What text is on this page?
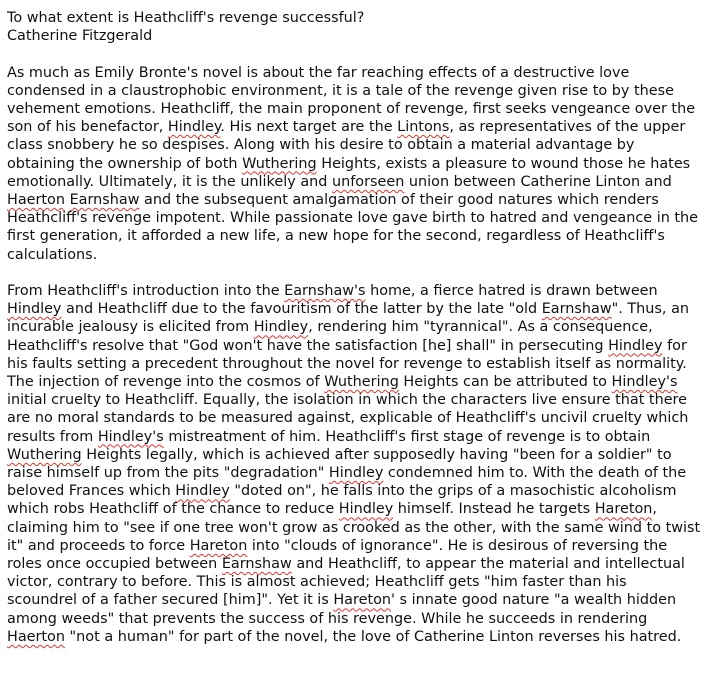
To what extent is Heathcliff's revenge successful?
Catherine Fitzgerald

As much as Emily Bronte's novel is about the far reaching effects of a destructive love condensed in a claustrophobic environment, it is a tale of the revenge given rise to by these vehement emotions. Heathcliff, the main proponent of revenge, first seeks vengeance over the son of his benefactor, Hindley. His next target are the Lintons, as representatives of the upper class snobbery he so despises. Along with his desire to obtain a material advantage by obtaining the ownership of both Wuthering Heights, exists a pleasure to wound those he hates emotionally. Ultimately, it is the unlikely and unforseen union between Catherine Linton and Haerton Earnshaw and the subsequent amalgamation of their good natures which renders Heathcliff's revenge impotent. While passionate love gave birth to hatred and vengeance in the first generation, it afforded a new life, a new hope for the second, regardless of Heathcliff's calculations.

From Heathcliff's introduction into the Earnshaw's home, a fierce hatred is drawn between Hindley and Heathcliff due to the favouritism of the latter by the late "old Earnshaw". Thus, an incurable jealousy is elicited from Hindley, rendering him "tyrannical". As a consequence, Heathcliff's resolve that "God won't have the satisfaction [he] shall" in persecuting Hindley for his faults setting a precedent throughout the novel for revenge to establish itself as normality. The injection of revenge into the cosmos of Wuthering Heights can be attributed to Hindley's initial cruelty to Heathcliff. Equally, the isolation in which the characters live ensure that there are no moral standards to be measured against, explicable of Heathcliff's uncivil cruelty which results from Hindley's mistreatment of him. Heathcliff's first stage of revenge is to obtain Wuthering Heights legally, which is achieved after supposedly having "been for a soldier" to raise himself up from the pits "degradation" Hindley condemned him to. With the death of the beloved Frances which Hindley "doted on", he falls into the grips of a masochistic alcoholism which robs Heathcliff of the chance to reduce Hindley himself. Instead he targets Hareton, claiming him to "see if one tree won't grow as crooked as the other, with the same wind to twist it" and proceeds to force Hareton into "clouds of ignorance". He is desirous of reversing the roles once occupied between Earnshaw and Heathcliff, to appear the material and intellectual victor, contrary to before. This is almost achieved; Heathcliff gets "him faster than his scoundrel of a father secured [him]". Yet it is Hareton' s innate good nature "a wealth hidden among weeds" that prevents the success of his revenge. While he succeeds in rendering Haerton "not a human" for part of the novel, the love of Catherine Linton reverses his hatred.
